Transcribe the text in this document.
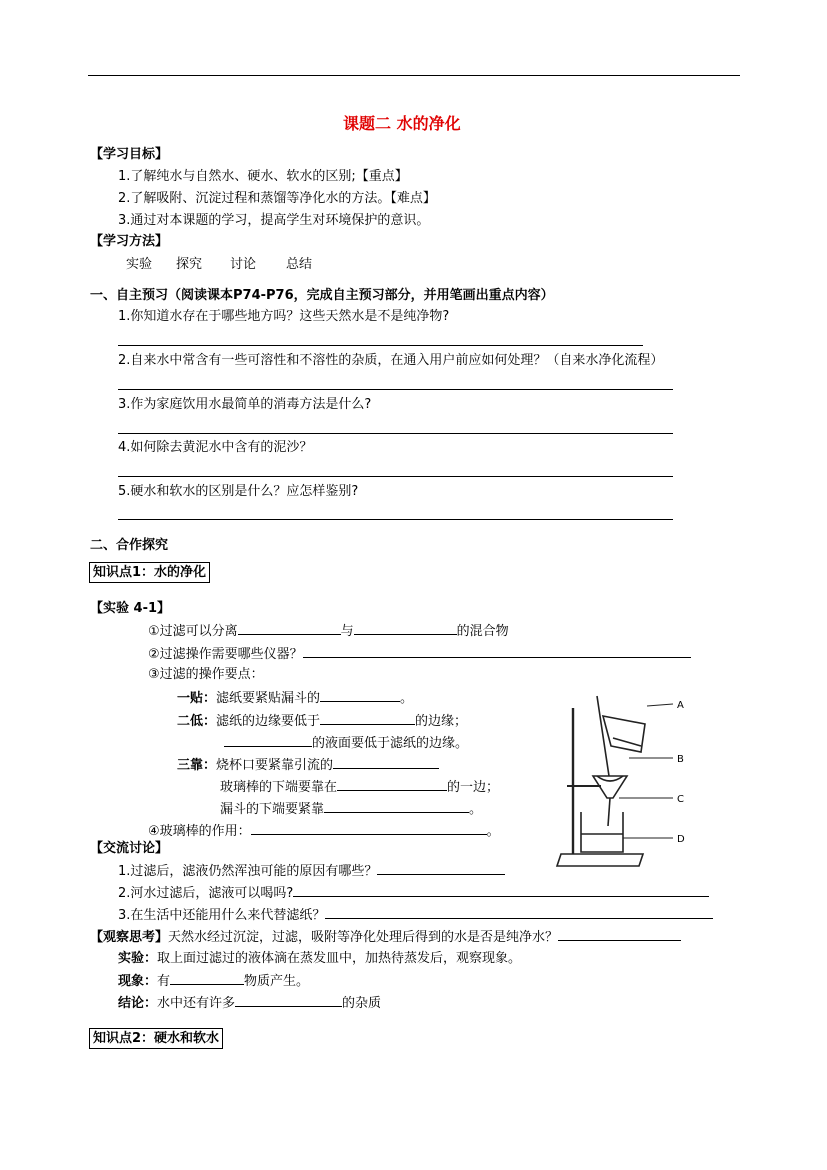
课题二 水的净化
【学习目标】
1.了解纯水与自然水、硬水、软水的区别;【重点】
2.了解吸附、沉淀过程和蒸馏等净化水的方法。【难点】
3.通过对本课题的学习，提高学生对环境保护的意识。
【学习方法】
实验 探究 讨论 总结
一、自主预习（阅读课本P74-P76，完成自主预习部分，并用笔画出重点内容）
1.你知道水存在于哪些地方吗？这些天然水是不是纯净物?
2.自来水中常含有一些可溶性和不溶性的杂质，在通入用户前应如何处理？（自来水净化流程）
3.作为家庭饮用水最简单的消毒方法是什么?
4.如何除去黄泥水中含有的泥沙？
5.硬水和软水的区别是什么？应怎样鉴别?
二、合作探究
知识点1：水的净化
【实验 4-1】
①过滤可以分离	与	的混合物
②过滤操作需要哪些仪器？
③过滤的操作要点：
一贴：滤纸要紧贴漏斗的	。
二低：滤纸的边缘要低于	的边缘；
的液面要低于滤纸的边缘。
三靠：烧杯口要紧靠引流的
玻璃棒的下端要靠在	的一边；
漏斗的下端要紧靠	。
④玻璃棒的作用：	。
A
B
C
D
【交流讨论】
1.过滤后，滤液仍然浑浊可能的原因有哪些？
2.河水过滤后，滤液可以喝吗?
3.在生活中还能用什么来代替滤纸？
【观察思考】天然水经过沉淀，过滤，吸附等净化处理后得到的水是否是纯净水？
实验：取上面过滤过的液体滴在蒸发皿中，加热待蒸发后，观察现象。
现象：有	物质产生。
结论：水中还有许多	的杂质
知识点2：硬水和软水
